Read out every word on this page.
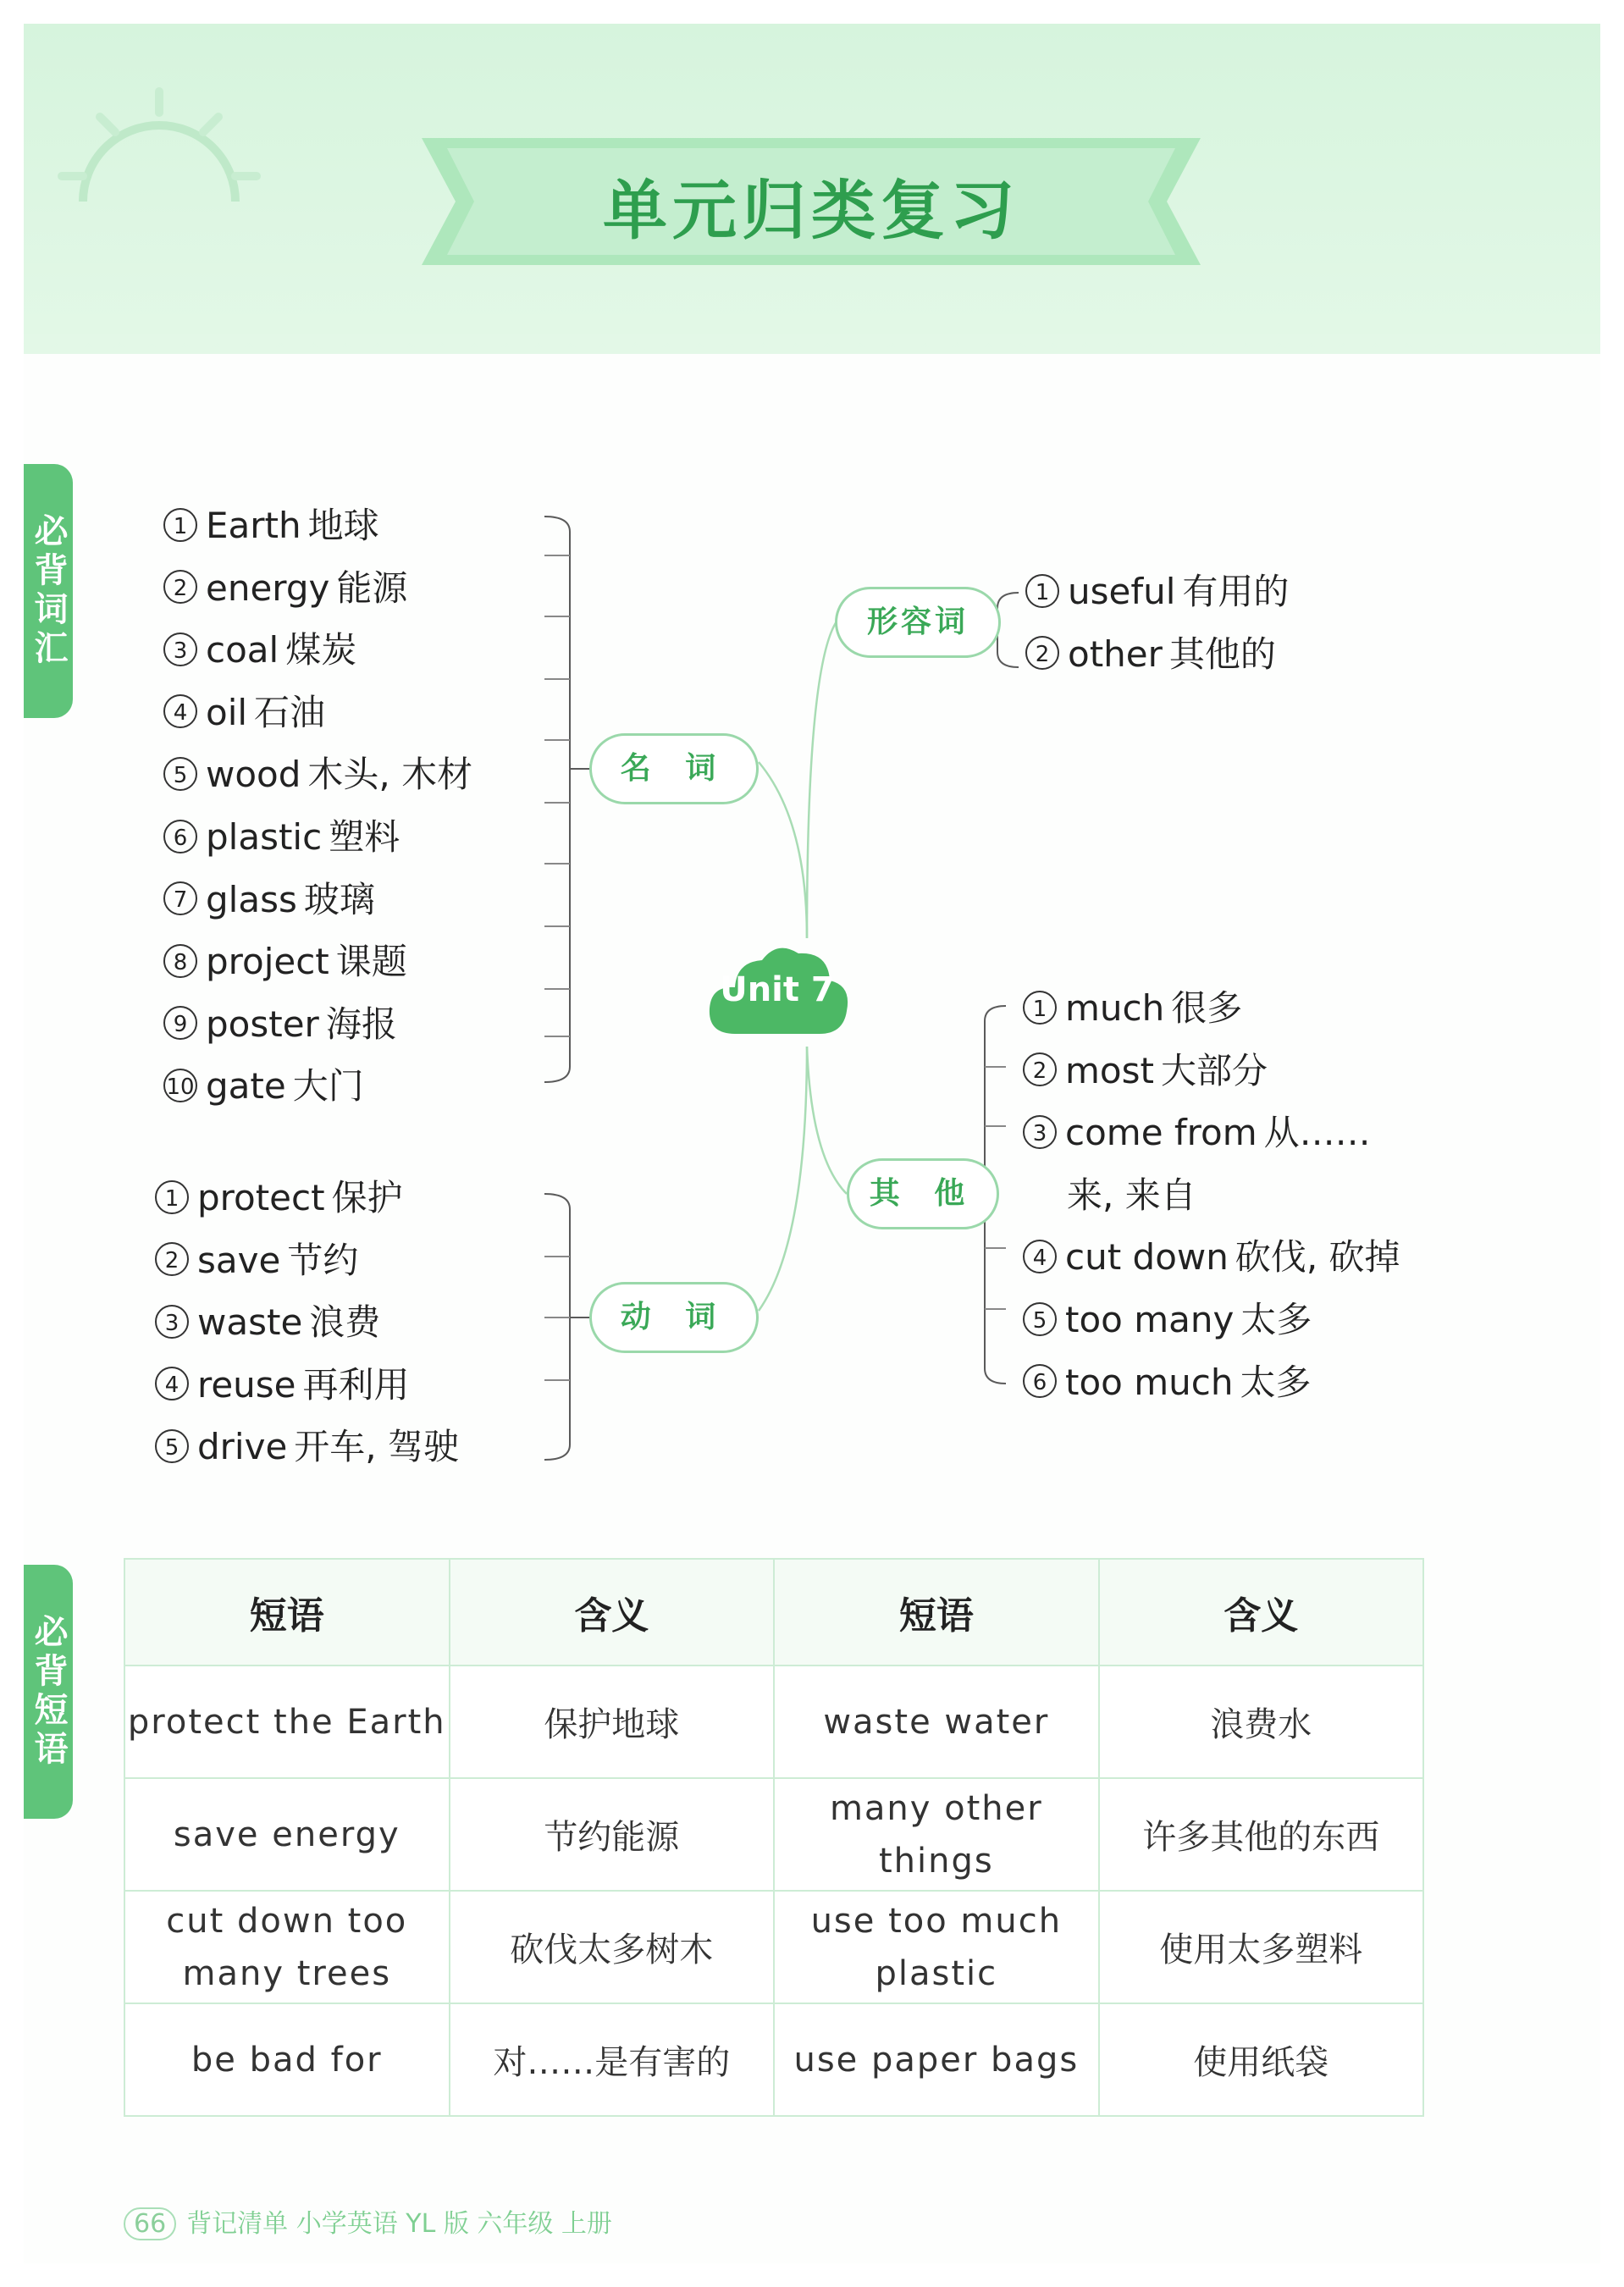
单元归类复习
必背词汇
必背短语
名 词
动 词
形容词
其 他
Unit 7
1 Earth 地球
2 energy 能源
3 coal 煤炭
4 oil 石油
5 wood 木头, 木材
6 plastic 塑料
7 glass 玻璃
8 project 课题
9 poster 海报
10 gate 大门
1 protect 保护
2 save 节约
3 waste 浪费
4 reuse 再利用
5 drive 开车, 驾驶
1 useful 有用的
2 other 其他的
1 much 很多
2 most 大部分
3 come from 从……
来, 来自
4 cut down 砍伐, 砍掉
5 too many 太多
6 too much 太多
短语	含义	短语	含义
protect the Earth	保护地球	waste water	浪费水
save energy	节约能源	many other things	许多其他的东西
cut down too many trees	砍伐太多树木	use too much plastic	使用太多塑料
be bad for	对……是有害的	use paper bags	使用纸袋
66 背记清单 小学英语 YL 版 六年级 上册
